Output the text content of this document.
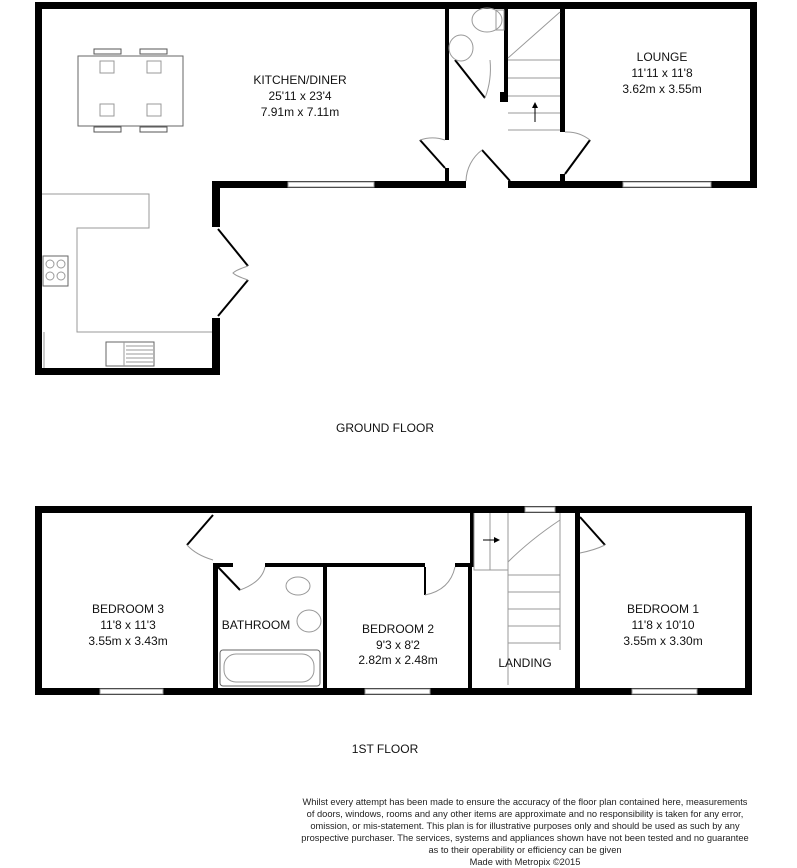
KITCHEN/DINER
25'11 x 23'4
7.91m x 7.11m
LOUNGE
11'11 x 11'8
3.62m x 3.55m
GROUND FLOOR
BEDROOM 3
11'8 x 11'3
3.55m x 3.43m
BATHROOM	BEDROOM 2
9'3 x 8'2
2.82m x 2.48m	LANDING
BEDROOM 1
11'8 x 10'10
3.55m x 3.30m
1ST FLOOR
Whilst every attempt has been made to ensure the accuracy of the floor plan contained here, measurements
of doors, windows, rooms and any other items are approximate and no responsibility is taken for any error,
omission, or mis-statement. This plan is for illustrative purposes only and should be used as such by any
prospective purchaser. The services, systems and appliances shown have not been tested and no guarantee
as to their operability or efficiency can be given
Made with Metropix ©2015
